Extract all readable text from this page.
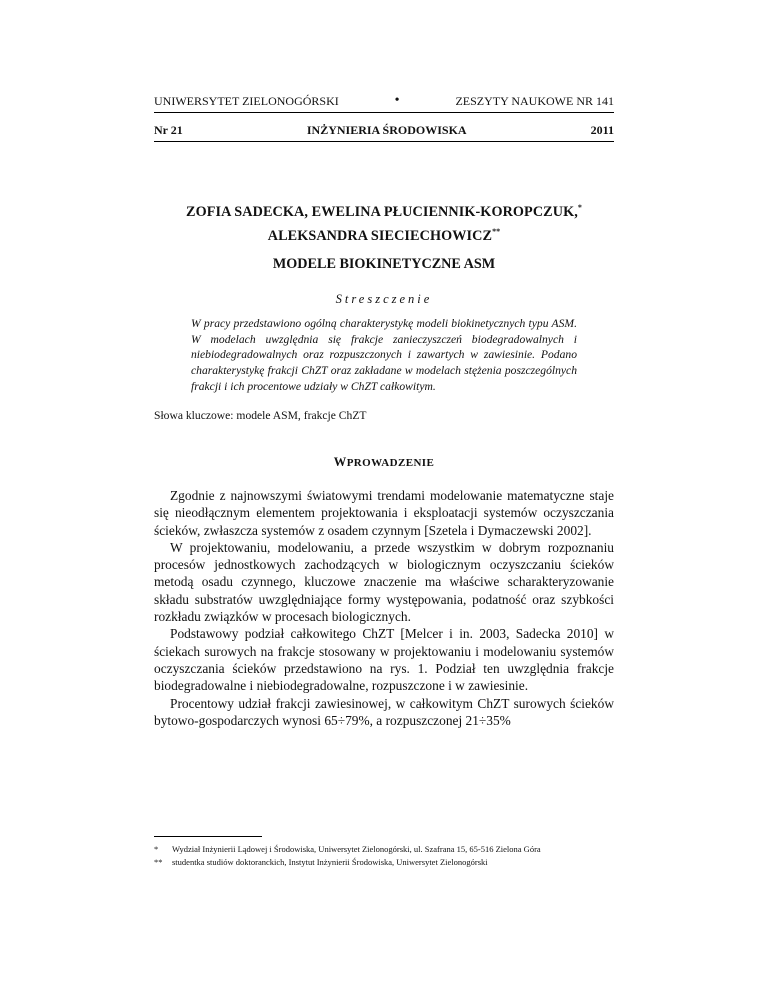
UNIWERSYTET ZIELONOGÓRSKI	•	ZESZYTY NAUKOWE NR 141
Nr 21	INŻYNIERIA ŚRODOWISKA	2011
ZOFIA SADECKA, EWELINA PŁUCIENNIK-KOROPCZUK,*
ALEKSANDRA SIECIECHOWICZ**
MODELE BIOKINETYCZNE ASM
Streszczenie
W pracy przedstawiono ogólną charakterystykę modeli biokinetycznych typu ASM. W modelach uwzględnia się frakcje zanieczyszczeń biodegradowalnych i niebiodegradowalnych oraz rozpuszczonych i zawartych w zawiesinie. Podano charakterystykę frakcji ChZT oraz zakładane w modelach stężenia poszczególnych frakcji i ich procentowe udziały w ChZT całkowitym.
Słowa kluczowe: modele ASM, frakcje ChZT
WPROWADZENIE

Zgodnie z najnowszymi światowymi trendami modelowanie matematyczne staje się nieodłącznym elementem projektowania i eksploatacji systemów oczyszczania ścieków, zwłaszcza systemów z osadem czynnym [Szetela i Dymaczewski 2002].

W projektowaniu, modelowaniu, a przede wszystkim w dobrym rozpoznaniu procesów jednostkowych zachodzących w biologicznym oczyszczaniu ścieków metodą osadu czynnego, kluczowe znaczenie ma właściwe scharakteryzowanie składu substratów uwzględniające formy występowania, podatność oraz szybkości rozkładu związków w procesach biologicznych.

Podstawowy podział całkowitego ChZT [Melcer i in. 2003, Sadecka 2010] w ściekach surowych na frakcje stosowany w projektowaniu i modelowaniu systemów oczyszczania ścieków przedstawiono na rys. 1. Podział ten uwzględnia frakcje biodegradowalne i niebiodegradowalne, rozpuszczone i w zawiesinie.

Procentowy udział frakcji zawiesinowej, w całkowitym ChZT surowych ścieków bytowo-gospodarczych wynosi 65÷79%, a rozpuszczonej 21÷35%

* Wydział Inżynierii Lądowej i Środowiska, Uniwersytet Zielonogórski, ul. Szafrana 15, 65-516 Zielona Góra
** studentka studiów doktoranckich, Instytut Inżynierii Środowiska, Uniwersytet Zielonogórski
